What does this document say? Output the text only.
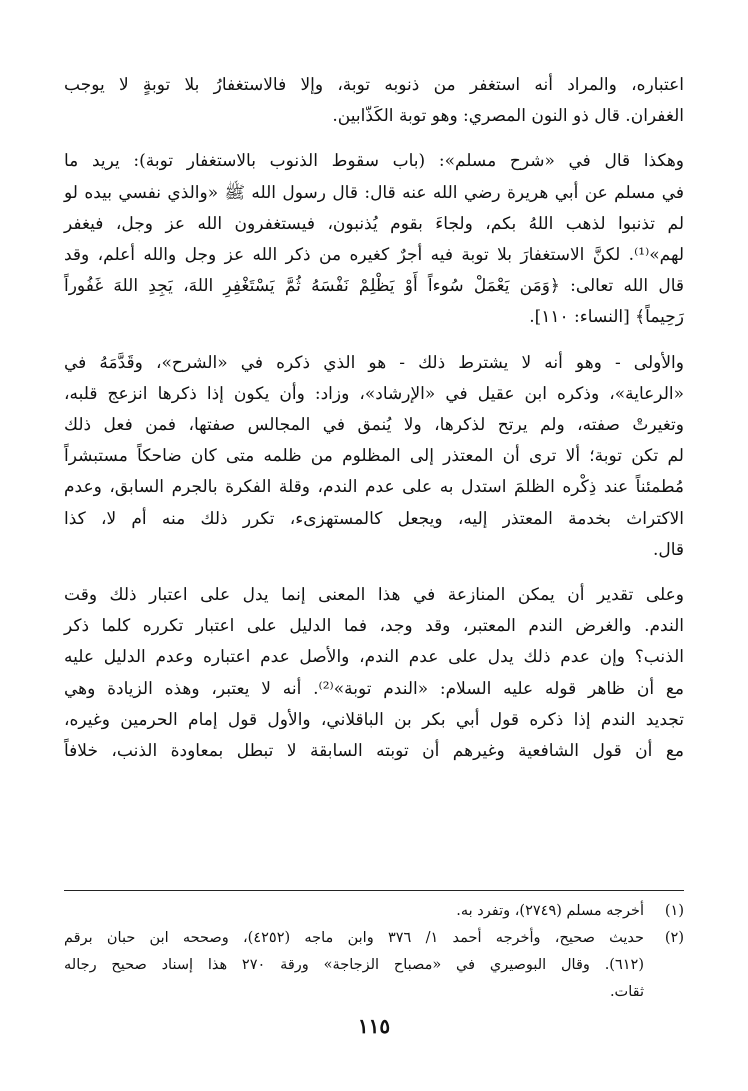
اعتباره، والمراد أنه استغفر من ذنوبه توبة، وإلا فالاستغفارُ بلا توبةٍ لا يوجب
الغفران. قال ذو النون المصري: وهو توبة الكَذّابين.

وهكذا قال في «شرح مسلم»: (باب سقوط الذنوب بالاستغفار توبة): يريد ما
في مسلم عن أبي هريرة رضي الله عنه قال: قال رسول الله ﷺ «والذي نفسي بيده لو
لم تذنبوا لذهب اللهُ بكم، ولجاءَ بقوم يُذنبون، فيستغفرون الله عز وجل، فيغفر
لهم»⁽¹⁾. لكنَّ الاستغفارَ بلا توبة فيه أجرٌ كغيره من ذكر الله عز وجل والله أعلم، وقد
قال الله تعالى: ﴿وَمَن يَعْمَلْ سُوءاً أَوْ يَظْلِمْ نَفْسَهُ ثُمَّ يَسْتَغْفِرِ اللهَ، يَجِدِ اللهَ غَفُوراً
رَحِيماً﴾ [النساء: ١١٠].

والأولى - وهو أنه لا يشترط ذلك - هو الذي ذكره في «الشرح»، وقَدَّمَهُ في
«الرعاية»، وذكره ابن عقيل في «الإرشاد»، وزاد: وأن يكون إذا ذكرها انزعج قلبه،
وتغيرتْ صفته، ولم يرتح لذكرها، ولا يُنمق في المجالس صفتها، فمن فعل ذلك
لم تكن توبة؛ ألا ترى أن المعتذر إلى المظلوم من ظلمه متى كان ضاحكاً مستبشراً
مُطمئناً عند ذِكْره الظلمَ استدل به على عدم الندم، وقلة الفكرة بالجرم السابق، وعدم
الاكتراث بخدمة المعتذر إليه، ويجعل كالمستهزىء، تكرر ذلك منه أم لا، كذا
قال.

وعلى تقدير أن يمكن المنازعة في هذا المعنى إنما يدل على اعتبار ذلك وقت
الندم. والغرض الندم المعتبر، وقد وجد، فما الدليل على اعتبار تكرره كلما ذكر
الذنب؟ وإن عدم ذلك يدل على عدم الندم، والأصل عدم اعتباره وعدم الدليل عليه
مع أن ظاهر قوله عليه السلام: «الندم توبة»⁽²⁾. أنه لا يعتبر، وهذه الزيادة وهي
تجديد الندم إذا ذكره قول أبي بكر بن الباقلاني، والأول قول إمام الحرمين وغيره،
مع أن قول الشافعية وغيرهم أن توبته السابقة لا تبطل بمعاودة الذنب، خلافاً

(١)
أخرجه مسلم (٢٧٤٩)، وتفرد به.
(٢)
حديث صحيح، وأخرجه أحمد ١/ ٣٧٦ وابن ماجه (٤٢٥٢)، وصححه ابن حبان برقم
(٦١٢). وقال البوصيري في «مصباح الزجاجة» ورقة ٢٧٠ هذا إسناد صحيح رجاله
ثقات.
١١٥
